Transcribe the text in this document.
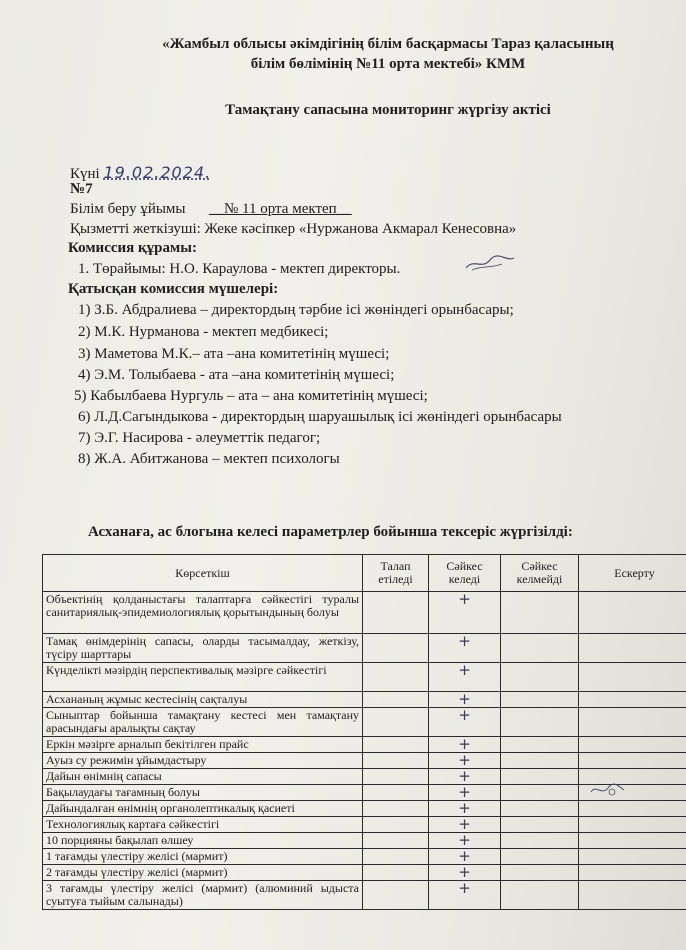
«Жамбыл облысы әкімдігінің білім басқармасы Тараз қаласының
білім бөлімінің №11 орта мектебі» КММ
Тамақтану сапасына мониторинг жүргізу актісі
Күні 19.02.2024.
№7
Білім беру ұйымы __№ 11 орта мектеп__
Қызметті жеткізуші: Жеке кәсіпкер «Нуржанова Акмарал Кенесовна»
Комиссия құрамы:
1. Төрайымы: Н.О. Караулова - мектеп директоры.
Қатысқан комиссия мүшелері:
1) З.Б. Абдралиева – директордың тәрбие ісі жөніндегі орынбасары;
2) М.К. Нурманова - мектеп медбикесі;
3) Маметова М.К.– ата –ана комитетінің мүшесі;
4) Э.М. Толыбаева - ата –ана комитетінің мүшесі;
5) Кабылбаева Нургуль – ата – ана комитетінің мүшесі;
6) Л.Д.Сагындыкова - директордың шаруашылық ісі жөніндегі орынбасары
7) Э.Г. Насирова - әлеуметтік педагог;
8) Ж.А. Абитжанова – мектеп психологы
Асханаға, ас блогына келесі параметрлер бойынша тексеріс жүргізілді:
Көрсеткіш	Талап етіледі	Сәйкес келеді	Сәйкес келмейді	Ескерту
Объектінің қолданыстағы талаптарға сәйкестігі туралы санитариялық-эпидемиологиялық қорытындының болуы		+		
Тамақ өнімдерінің сапасы, оларды тасымалдау, жеткізу, түсіру шарттары		+		
Күнделікті мәзірдің перспективалық мәзірге сәйкестігі		+		
Асхананың жұмыс кестесінің сақталуы		+		
Сыныптар бойынша тамақтану кестесі мен тамақтану арасындағы аралықты сақтау		+		
Еркін мәзірге арналып бекітілген прайс		+		
Ауыз су режимін ұйымдастыру		+		
Дайын өнімнің сапасы		+		
Бақылаудағы тағамның болуы		+		
Дайындалған өнімнің органолептикалық қасиеті		+		
Технологиялық картаға сәйкестігі		+		
10 порцияны бақылап өлшеу		+		
1 тағамды үлестіру желісі (мармит)		+		
2 тағамды үлестіру желісі (мармит)		+		
3 тағамды үлестіру желісі (мармит) (алюминий ыдыста суытуға тыйым салынады)		+		
